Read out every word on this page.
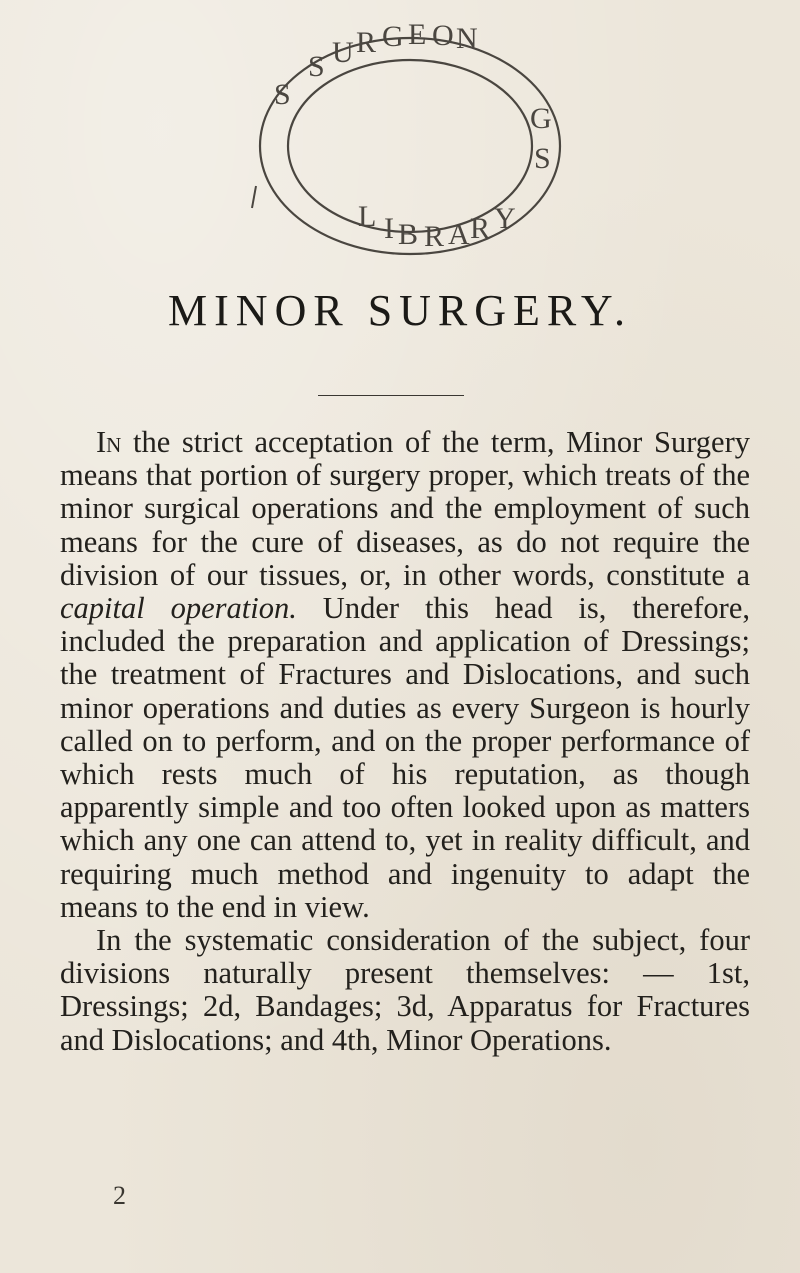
S U R G E O N
S
L I B R A R Y
G
S
MINOR SURGERY.

In the strict acceptation of the term, Minor Surgery means that portion of surgery proper, which treats of the minor surgical operations and the employment of such means for the cure of diseases, as do not require the division of our tissues, or, in other words, constitute a capital operation. Under this head is, therefore, included the preparation and application of Dressings; the treatment of Fractures and Dislocations, and such minor operations and duties as every Surgeon is hourly called on to perform, and on the proper performance of which rests much of his reputation, as though apparently simple and too often looked upon as matters which any one can attend to, yet in reality difficult, and requiring much method and ingenuity to adapt the means to the end in view.

In the systematic consideration of the subject, four divisions naturally present themselves: — 1st, Dressings; 2d, Bandages; 3d, Apparatus for Fractures and Dislocations; and 4th, Minor Operations.

2
